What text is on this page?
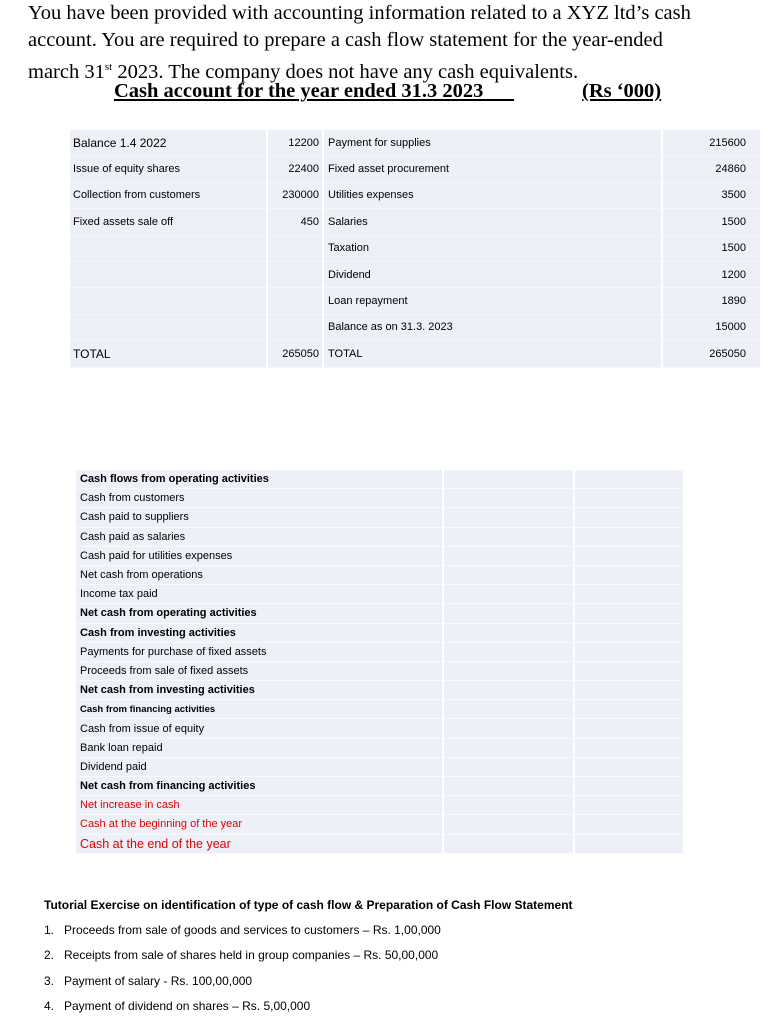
You have been provided with accounting information related to a XYZ ltd’s cash
account. You are required to prepare a cash flow statement for the year-ended
march 31st 2023. The company does not have any cash equivalents.
Cash account for the year ended 31.3 2023	(Rs ‘000)
Balance 1.4 2022	12200	Payment for supplies	215600
Issue of equity shares	22400	Fixed asset procurement	24860
Collection from customers	230000	Utilities expenses	3500
Fixed assets sale off	450	Salaries	1500
		Taxation	1500
		Dividend	1200
		Loan repayment	1890
		Balance as on 31.3. 2023	15000
TOTAL	265050	TOTAL	265050
Cash flows from operating activities		
Cash from customers		
Cash paid to suppliers		
Cash paid as salaries		
Cash paid for utilities expenses		
Net cash from operations		
Income tax paid		
Net cash from operating activities		
Cash from investing activities		
Payments for purchase of fixed assets		
Proceeds from sale of fixed assets		
Net cash from investing activities		
Cash from financing activities		
Cash from issue of equity		
Bank loan repaid		
Dividend paid		
Net cash from financing activities		
Net increase in cash		
Cash at the beginning of the year		
Cash at the end of the year		
Tutorial Exercise on identification of type of cash flow & Preparation of Cash Flow Statement
1. Proceeds from sale of goods and services to customers – Rs. 1,00,000
2. Receipts from sale of shares held in group companies – Rs. 50,00,000
3. Payment of salary - Rs. 100,00,000
4. Payment of dividend on shares – Rs. 5,00,000
